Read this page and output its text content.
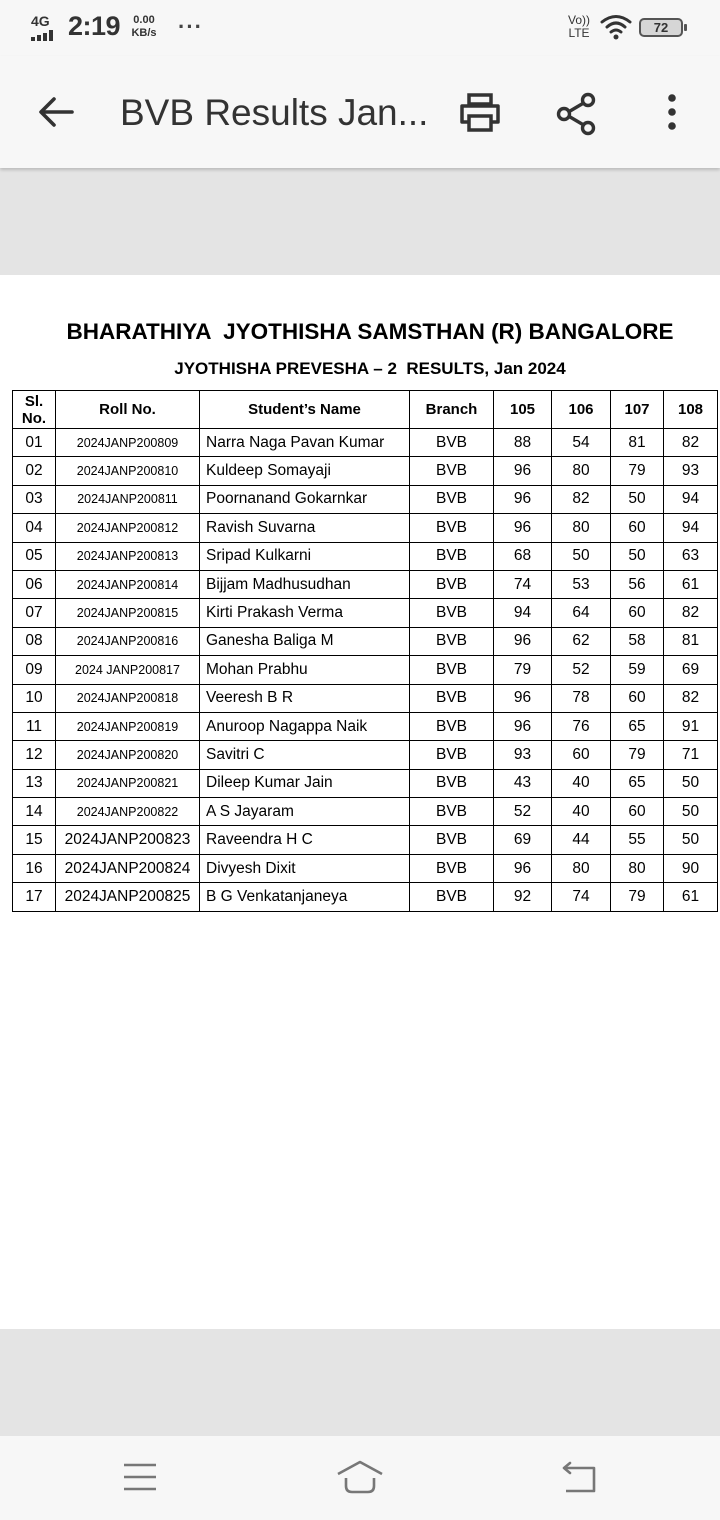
4G 2:19	0.00
KB/s ···	Vo))
LTE	72
BVB Results Jan...
BHARATHIYA  JYOTHISHA SAMSTHAN (R) BANGALORE
JYOTHISHA PREVESHA – 2  RESULTS, Jan 2024
Sl.
No.	Roll No.	Student’s Name	Branch	105	106	107	108
01	2024JANP200809	Narra Naga Pavan Kumar	BVB	88	54	81	82
02	2024JANP200810	Kuldeep Somayaji	BVB	96	80	79	93
03	2024JANP200811	Poornanand Gokarnkar	BVB	96	82	50	94
04	2024JANP200812	Ravish Suvarna	BVB	96	80	60	94
05	2024JANP200813	Sripad Kulkarni	BVB	68	50	50	63
06	2024JANP200814	Bijjam Madhusudhan	BVB	74	53	56	61
07	2024JANP200815	Kirti Prakash Verma	BVB	94	64	60	82
08	2024JANP200816	Ganesha Baliga M	BVB	96	62	58	81
09	2024 JANP200817	Mohan Prabhu	BVB	79	52	59	69
10	2024JANP200818	Veeresh B R	BVB	96	78	60	82
11	2024JANP200819	Anuroop Nagappa Naik	BVB	96	76	65	91
12	2024JANP200820	Savitri C	BVB	93	60	79	71
13	2024JANP200821	Dileep Kumar Jain	BVB	43	40	65	50
14	2024JANP200822	A S Jayaram	BVB	52	40	60	50
15	2024JANP200823	Raveendra H C	BVB	69	44	55	50
16	2024JANP200824	Divyesh Dixit	BVB	96	80	80	90
17	2024JANP200825	B G Venkatanjaneya	BVB	92	74	79	61
